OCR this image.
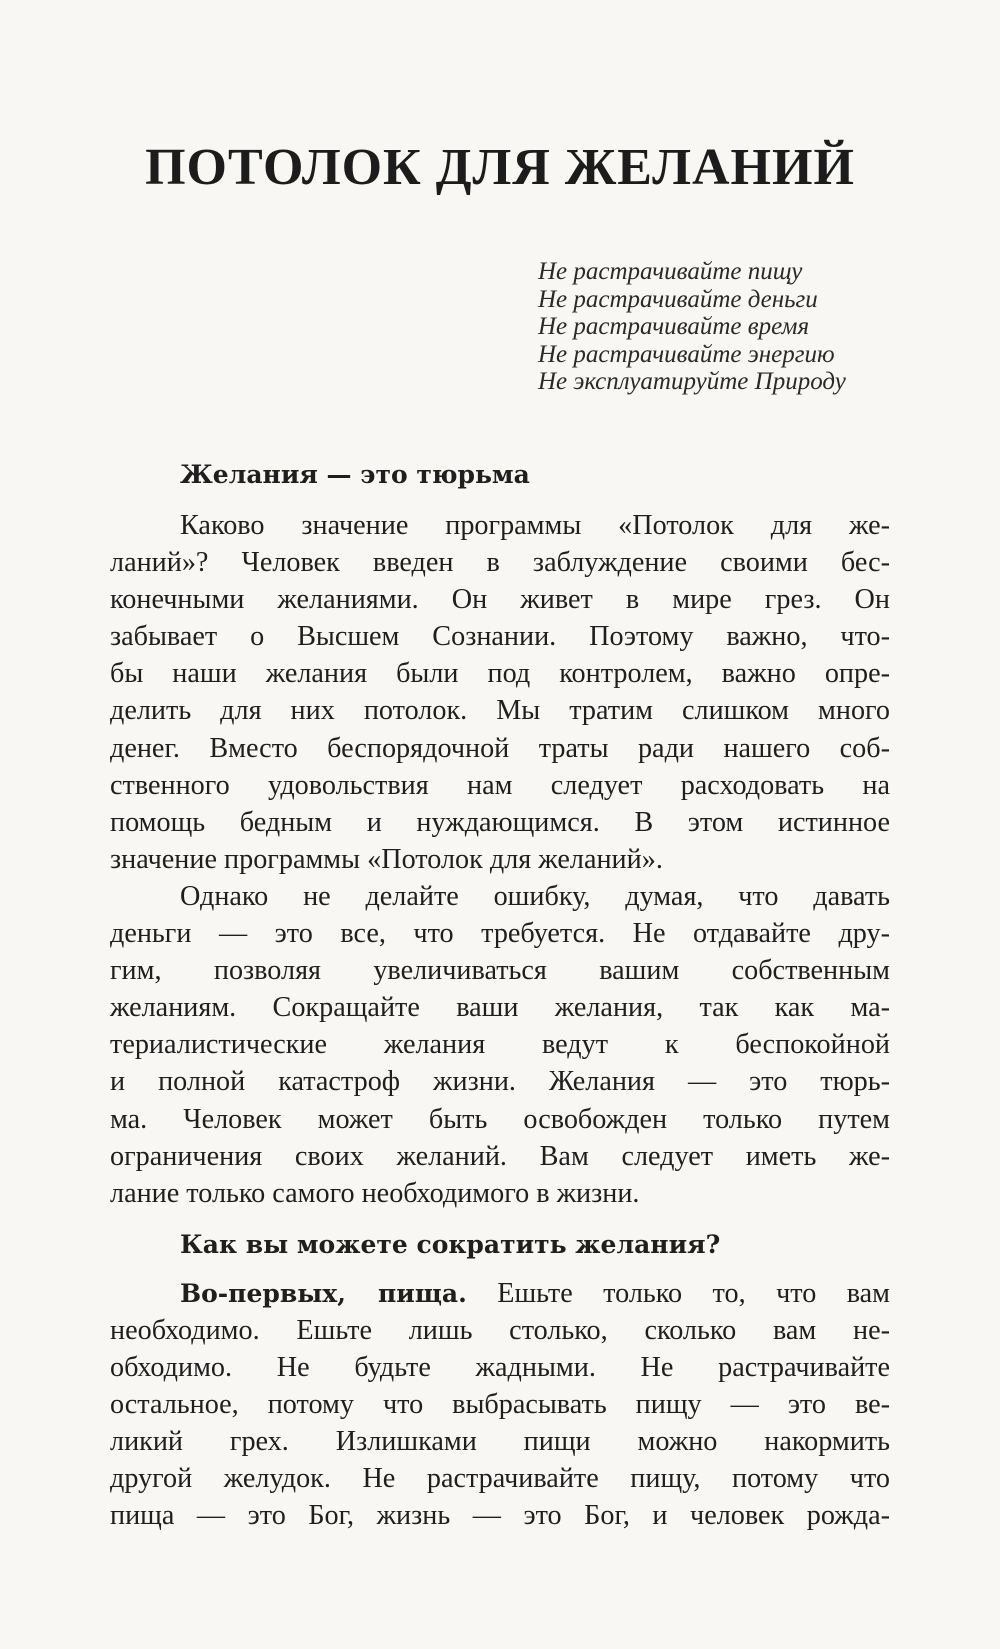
ПОТОЛОК ДЛЯ ЖЕЛАНИЙ
Не растрачивайте пищу
Не растрачивайте деньги
Не растрачивайте время
Не растрачивайте энергию
Не эксплуатируйте Природу
Желания — это тюрьма
Каково значение программы «Потолок для же-
ланий»? Человек введен в заблуждение своими бес-
конечными желаниями. Он живет в мире грез. Он
забывает о Высшем Сознании. Поэтому важно, что-
бы наши желания были под контролем, важно опре-
делить для них потолок. Мы тратим слишком много
денег. Вместо беспорядочной траты ради нашего соб-
ственного удовольствия нам следует расходовать на
помощь бедным и нуждающимся. В этом истинное
значение программы «Потолок для желаний».
Однако не делайте ошибку, думая, что давать
деньги — это все, что требуется. Не отдавайте дру-
гим, позволяя увеличиваться вашим собственным
желаниям. Сокращайте ваши желания, так как ма-
териалистические желания ведут к беспокойной
и полной катастроф жизни. Желания — это тюрь-
ма. Человек может быть освобожден только путем
ограничения своих желаний. Вам следует иметь же-
лание только самого необходимого в жизни.
Как вы можете сократить желания?
Во-первых, пища. Ешьте только то, что вам
необходимо. Ешьте лишь столько, сколько вам не-
обходимо. Не будьте жадными. Не растрачивайте
остальное, потому что выбрасывать пищу — это ве-
ликий грех. Излишками пищи можно накормить
другой желудок. Не растрачивайте пищу, потому что
пища — это Бог, жизнь — это Бог, и человек рожда-
